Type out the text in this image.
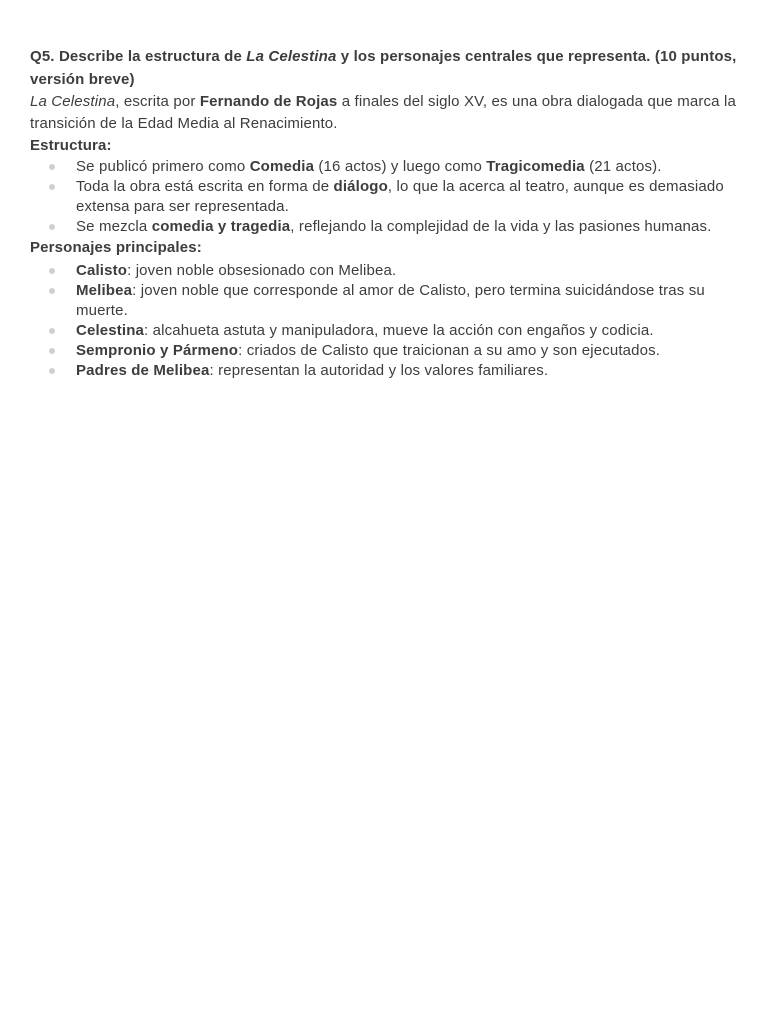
Q5. Describe la estructura de La Celestina y los personajes centrales que representa. (10 puntos, versión breve)

La Celestina, escrita por Fernando de Rojas a finales del siglo XV, es una obra dialogada que marca la transición de la Edad Media al Renacimiento.

Estructura:

Se publicó primero como Comedia (16 actos) y luego como Tragicomedia (21 actos).
Toda la obra está escrita en forma de diálogo, lo que la acerca al teatro, aunque es demasiado extensa para ser representada.
Se mezcla comedia y tragedia, reflejando la complejidad de la vida y las pasiones humanas.

Personajes principales:

Calisto: joven noble obsesionado con Melibea.
Melibea: joven noble que corresponde al amor de Calisto, pero termina suicidándose tras su muerte.
Celestina: alcahueta astuta y manipuladora, mueve la acción con engaños y codicia.
Sempronio y Pármeno: criados de Calisto que traicionan a su amo y son ejecutados.
Padres de Melibea: representan la autoridad y los valores familiares.
